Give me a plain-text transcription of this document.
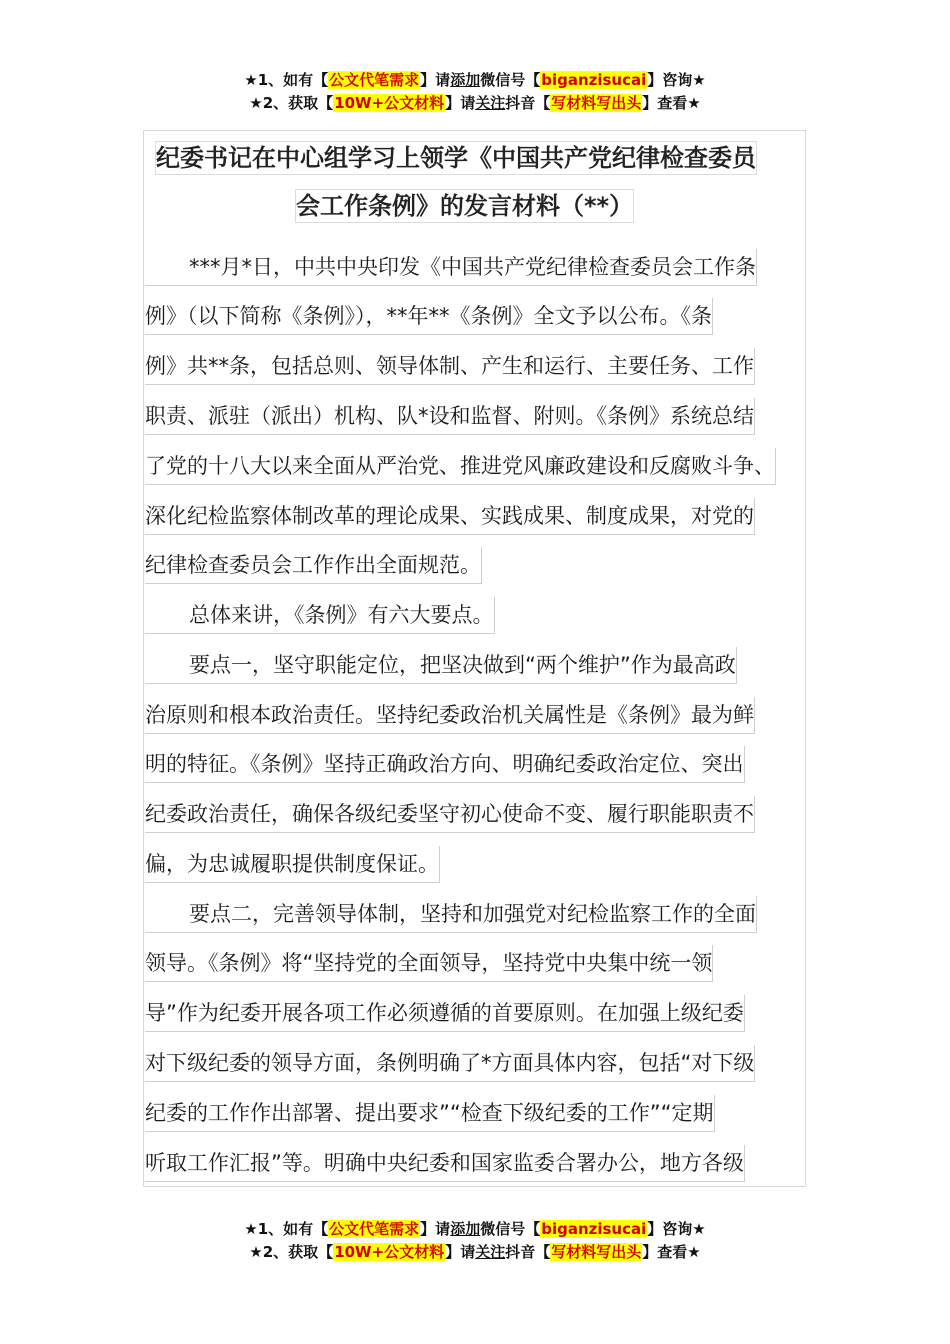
★1、如有【公文代笔需求】请添加微信号【biganzisucai】咨询★
★2、获取【10W+公文材料】请关注抖音【写材料写出头】查看★
纪委书记在中心组学习上领学《中国共产党纪律检查委员
会工作条例》的发言材料（**）
***月*日，中共中央印发《中国共产党纪律检查委员会工作条
例》（以下简称《条例》），**年**《条例》全文予以公布。《条
例》共**条，包括总则、领导体制、产生和运行、主要任务、工作
职责、派驻（派出）机构、队*设和监督、附则。《条例》系统总结
了党的十八大以来全面从严治党、推进党风廉政建设和反腐败斗争、
深化纪检监察体制改革的理论成果、实践成果、制度成果，对党的
纪律检查委员会工作作出全面规范。
总体来讲，《条例》有六大要点。
要点一，坚守职能定位，把坚决做到“两个维护”作为最高政
治原则和根本政治责任。坚持纪委政治机关属性是《条例》最为鲜
明的特征。《条例》坚持正确政治方向、明确纪委政治定位、突出
纪委政治责任，确保各级纪委坚守初心使命不变、履行职能职责不
偏，为忠诚履职提供制度保证。
要点二，完善领导体制，坚持和加强党对纪检监察工作的全面
领导。《条例》将“坚持党的全面领导，坚持党中央集中统一领
导”作为纪委开展各项工作必须遵循的首要原则。在加强上级纪委
对下级纪委的领导方面，条例明确了*方面具体内容，包括“对下级
纪委的工作作出部署、提出要求”“检查下级纪委的工作”“定期
听取工作汇报”等。明确中央纪委和国家监委合署办公，地方各级
★1、如有【公文代笔需求】请添加微信号【biganzisucai】咨询★
★2、获取【10W+公文材料】请关注抖音【写材料写出头】查看★
